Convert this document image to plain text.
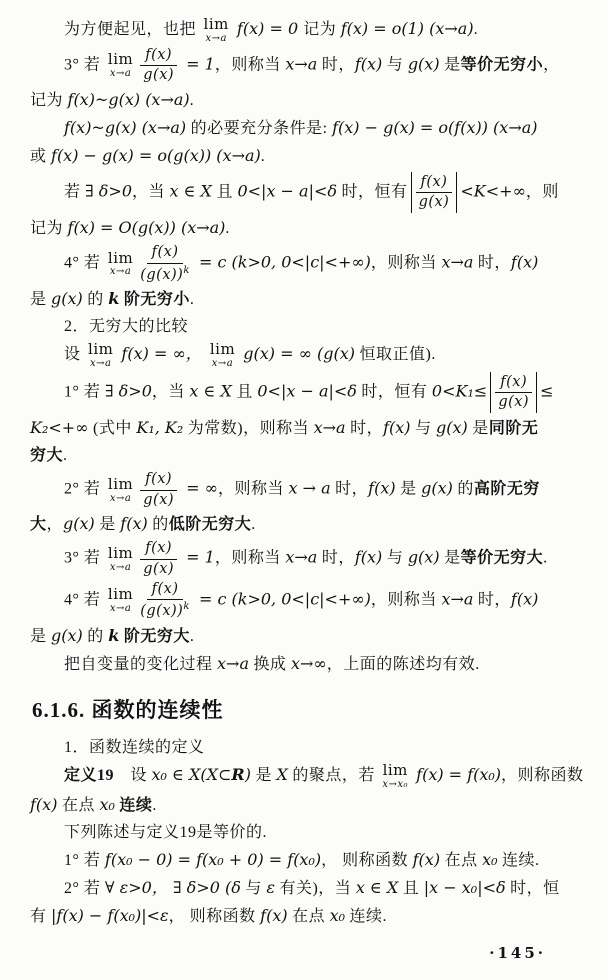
为方便起见，也把 lim
x→a
f(x) = 0 记为 f(x) = o(1) (x→a).
3° 若 lim
$x\to a \frac{f(x)}{g(x)} = 1$，则称当 x→a 时，f(x) 与 g(x) 是等价无穷小，
记为 f(x)~g(x) (x→a).
f(x)~g(x) (x→a) 的必要充分条件是: f(x) − g(x) = o(f(x)) (x→a)
或 f(x) − g(x) = o(g(x)) (x→a).
若 ∃ δ>0，当 x ∈ X 且 0<|x − a|<δ 时，恒有 $\frac{f(x)}{g(x)} <K<+\infty$，则
记为 f(x) = O(g(x)) (x→a).
4° 若 lim
$x\to a \frac{f(x)}{(g(x))^k} = c$ (k>0, 0<|c|<+∞)，则称当 x→a 时，f(x)
是 g(x) 的 k 阶无穷小.
2．无穷大的比较
设 lim
x→a
f(x) = ∞， lim
x→a
g(x) = ∞ (g(x) 恒取正值).
1° 若 ∃ δ>0，当 x ∈ X 且 0<|x − a|<δ 时，恒有 $0<K_1\le \frac{f(x)}{g(x)}$ ≤
K₂<+∞ (式中 K₁, K₂ 为常数)，则称当 x→a 时，f(x) 与 g(x) 是同阶无
穷大.
2° 若 lim
$x\to a \frac{f(x)}{g(x)}$ = ∞，则称当 x → a 时，f(x) 是 g(x) 的高阶无穷
大，g(x) 是 f(x) 的低阶无穷大.
3° 若 lim
$x\to a \frac{f(x)}{g(x)} = 1$，则称当 x→a 时，f(x) 与 g(x) 是等价无穷大.
4° 若 lim
$x\to a \frac{f(x)}{(g(x))^k} = c$ (k>0, 0<|c|<+∞)，则称当 x→a 时，f(x)
是 g(x) 的 k 阶无穷大.
把自变量的变化过程 x→a 换成 x→∞，上面的陈述均有效.
6.1.6. 函数的连续性
1．函数连续的定义
定义19　设 x₀ ∈ X(X⊂R) 是 X 的聚点，若 lim
x→x₀
f(x) = f(x₀)，则称函数
f(x) 在点 x₀ 连续.
下列陈述与定义19是等价的.
1° 若 f(x₀ − 0) = f(x₀ + 0) = f(x₀)， 则称函数 f(x) 在点 x₀ 连续.
2° 若 ∀ ε>0， ∃ δ>0 (δ 与 ε 有关)，当 x ∈ X 且 |x − x₀|<δ 时，恒
有 |f(x) − f(x₀)|<ε， 则称函数 f(x) 在点 x₀ 连续.
·145·
